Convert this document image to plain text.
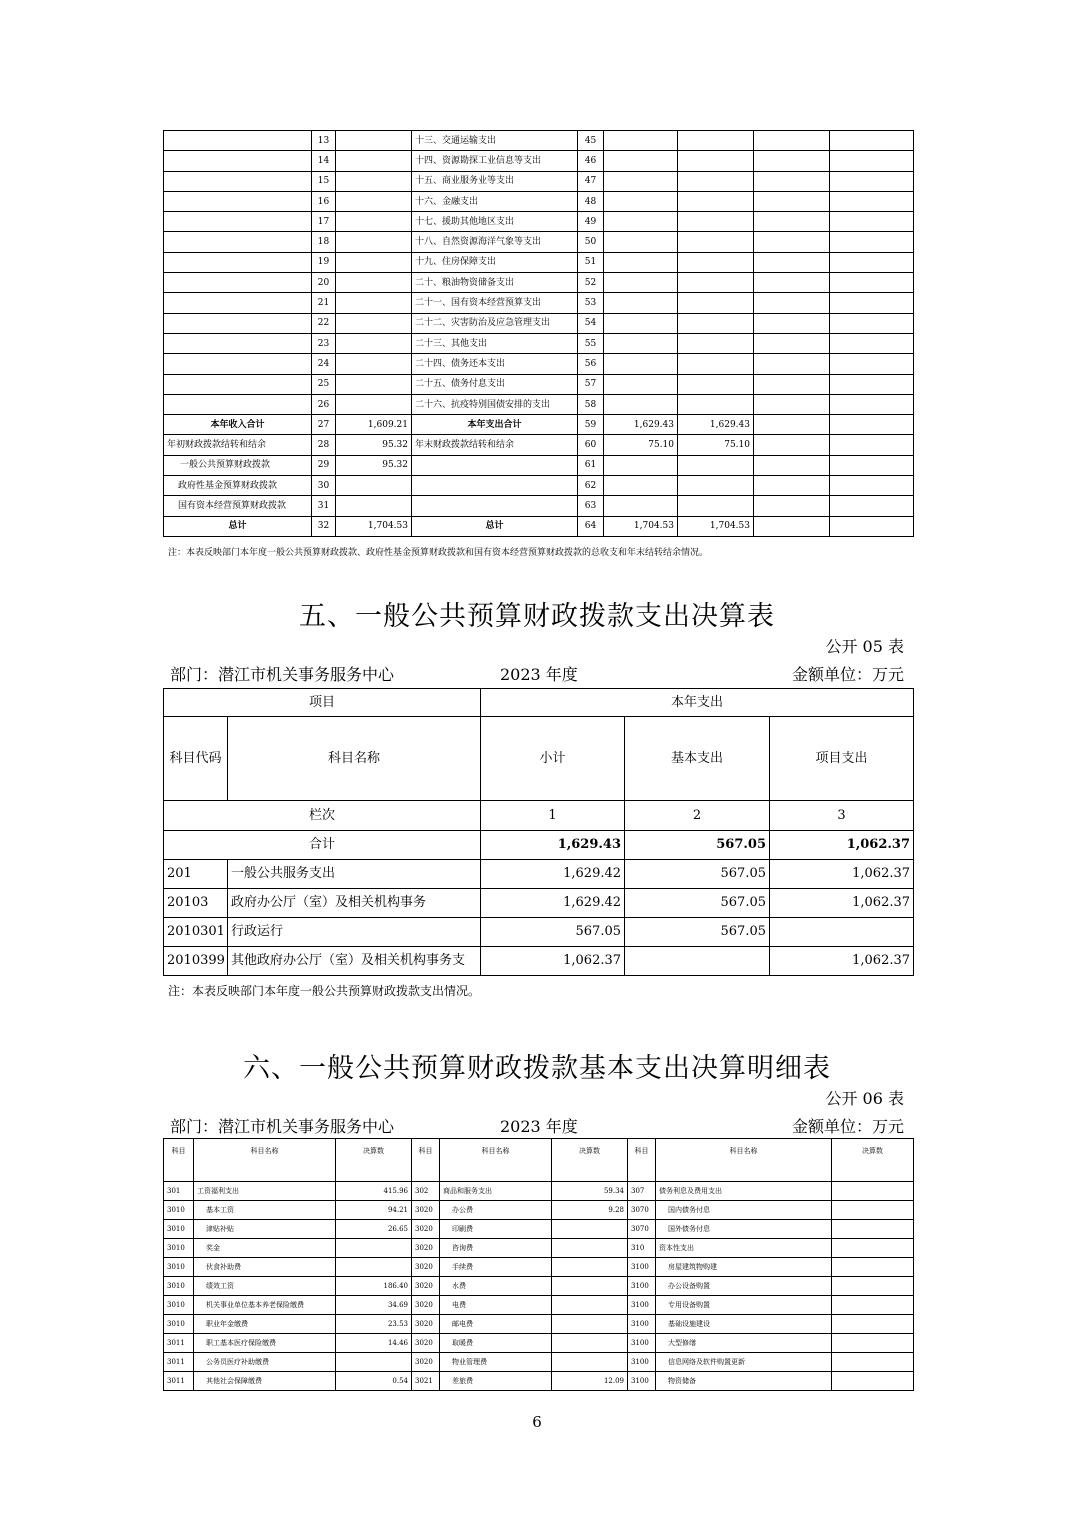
	13		十三、交通运输支出	45				
	14		十四、资源勘探工业信息等支出	46				
	15		十五、商业服务业等支出	47				
	16		十六、金融支出	48				
	17		十七、援助其他地区支出	49				
	18		十八、自然资源海洋气象等支出	50				
	19		十九、住房保障支出	51				
	20		二十、粮油物资储备支出	52				
	21		二十一、国有资本经营预算支出	53				
	22		二十二、灾害防治及应急管理支出	54				
	23		二十三、其他支出	55				
	24		二十四、债务还本支出	56				
	25		二十五、债务付息支出	57				
	26		二十六、抗疫特别国债安排的支出	58				
本年收入合计	27	1,609.21	本年支出合计	59	1,629.43	1,629.43		
年初财政拨款结转和结余	28	95.32	年末财政拨款结转和结余	60	75.10	75.10		
一般公共预算财政拨款	29	95.32		61				
政府性基金预算财政拨款	30			62				
国有资本经营预算财政拨款	31			63				
总计	32	1,704.53	总计	64	1,704.53	1,704.53		
注：本表反映部门本年度一般公共预算财政拨款、政府性基金预算财政拨款和国有资本经营预算财政拨款的总收支和年末结转结余情况。
五、一般公共预算财政拨款支出决算表
公开 05 表
部门：潜江市机关事务服务中心	2023 年度	金额单位：万元
项目		本年支出		
科目代码	科目名称	小计	基本支出	项目支出
栏次		1	2	3
合计		1,629.43	567.05	1,062.37
201	一般公共服务支出	1,629.42	567.05	1,062.37
20103	政府办公厅（室）及相关机构事务	1,629.42	567.05	1,062.37
2010301	行政运行	567.05	567.05	
2010399	其他政府办公厅（室）及相关机构事务支	1,062.37		1,062.37
注：本表反映部门本年度一般公共预算财政拨款支出情况。
六、一般公共预算财政拨款基本支出决算明细表
公开 06 表
部门：潜江市机关事务服务中心	2023 年度	金额单位：万元
科目	科目名称	决算数	科目	科目名称	决算数	科目	科目名称	决算数
301	工资福利支出	415.96	302	商品和服务支出	59.34	307	债务利息及费用支出	
3010	基本工资	94.21	3020	办公费	9.28	3070	国内债务付息	
3010	津贴补贴	26.65	3020	印刷费		3070	国外债务付息	
3010	奖金		3020	咨询费		310	资本性支出	
3010	伙食补助费		3020	手续费		3100	房屋建筑物购建	
3010	绩效工资	186.40	3020	水费		3100	办公设备购置	
3010	机关事业单位基本养老保险缴费	34.69	3020	电费		3100	专用设备购置	
3010	职业年金缴费	23.53	3020	邮电费		3100	基础设施建设	
3011	职工基本医疗保险缴费	14.46	3020	取暖费		3100	大型修缮	
3011	公务员医疗补助缴费		3020	物业管理费		3100	信息网络及软件购置更新	
3011	其他社会保障缴费	0.54	3021	差旅费	12.09	3100	物资储备	
6
